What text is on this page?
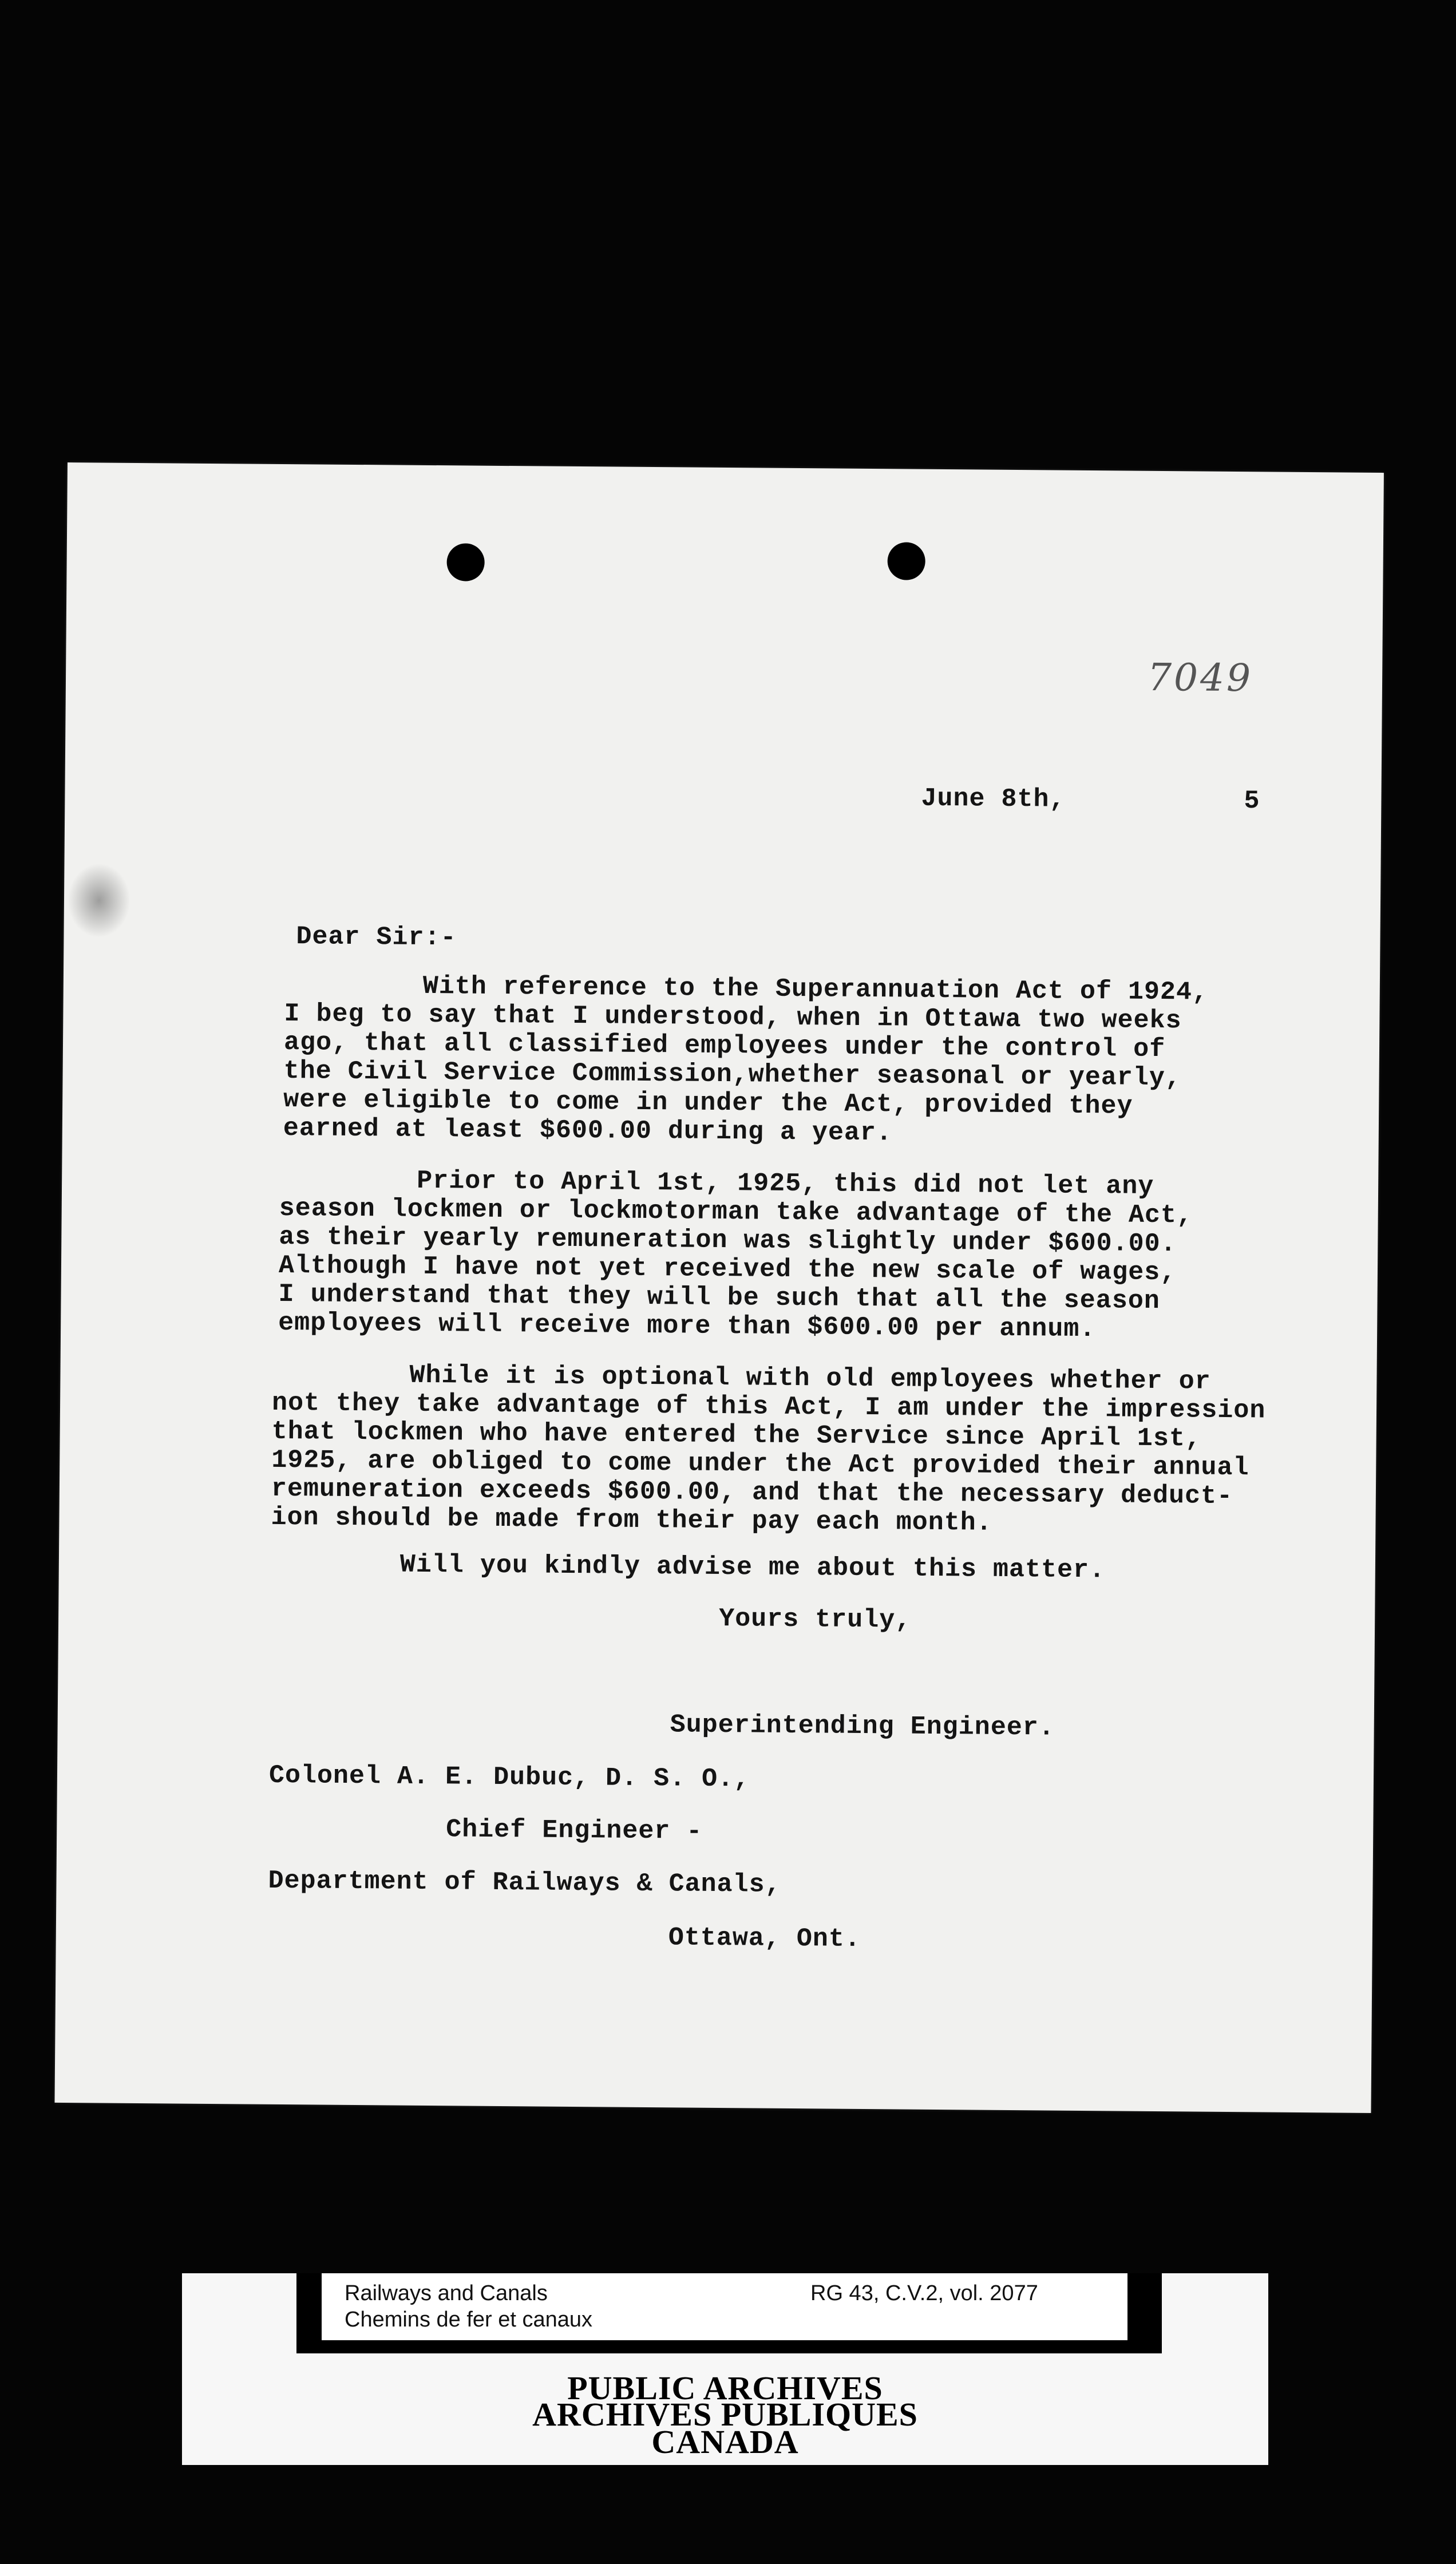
7049
June 8th,	5
Dear Sir:-
With reference to the Superannuation Act of 1924,
I beg to say that I understood, when in Ottawa two weeks
ago, that all classified employees under the control of
the Civil Service Commission,whether seasonal or yearly,
were eligible to come in under the Act, provided they
earned at least $600.00 during a year.
Prior to April 1st, 1925, this did not let any
season lockmen or lockmotorman take advantage of the Act,
as their yearly remuneration was slightly under $600.00.
Although I have not yet received the new scale of wages,
I understand that they will be such that all the season
employees will receive more than $600.00 per annum.
While it is optional with old employees whether or
not they take advantage of this Act, I am under the impression
that lockmen who have entered the Service since April 1st,
1925, are obliged to come under the Act provided their annual
remuneration exceeds $600.00, and that the necessary deduct-
ion should be made from their pay each month.
Will you kindly advise me about this matter.
Yours truly,
Superintending Engineer.
Colonel A. E. Dubuc, D. S. O.,
Chief Engineer -
Department of Railways & Canals,
Ottawa, Ont.
Railways and Canals
Chemins de fer et canaux
RG 43, C.V.2, vol. 2077
PUBLIC ARCHIVES
ARCHIVES PUBLIQUES
CANADA
